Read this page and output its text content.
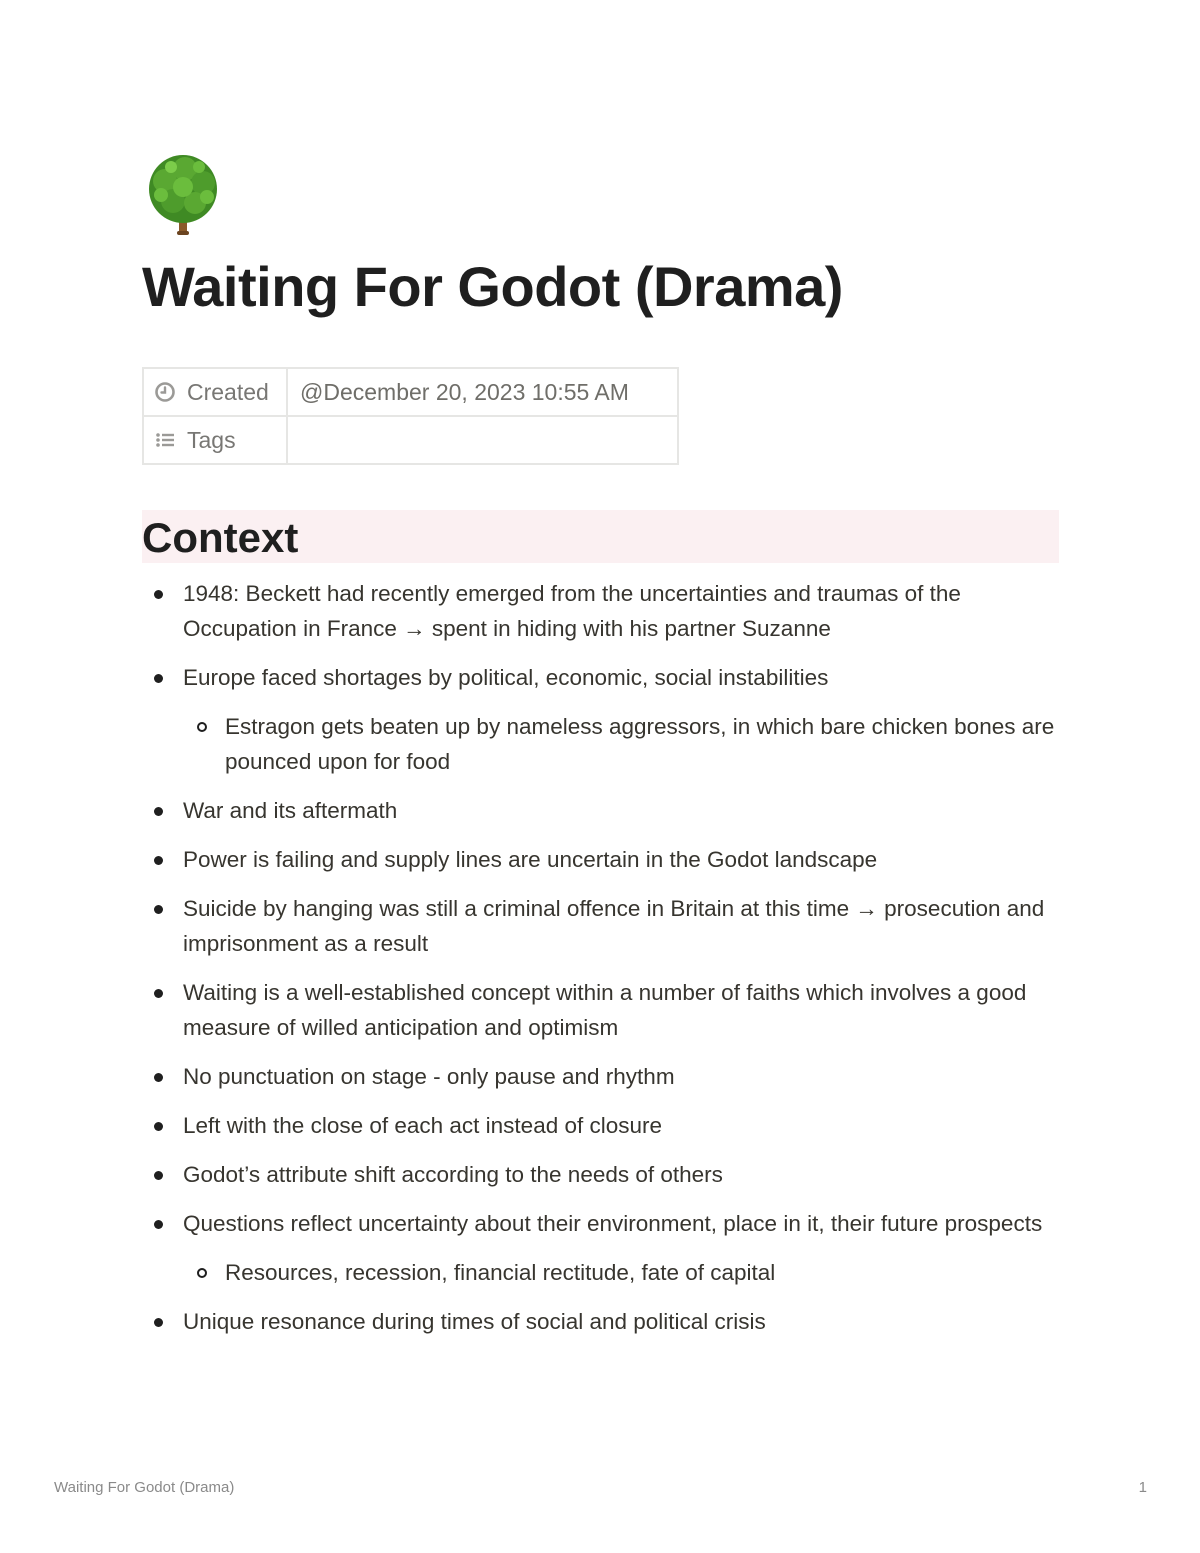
Waiting For Godot (Drama)
Created	@December 20, 2023 10:55 AM

Tags	

Context
1948: Beckett had recently emerged from the uncertainties and traumas of the Occupation in France → spent in hiding with his partner Suzanne
Europe faced shortages by political, economic, social instabilities
Estragon gets beaten up by nameless aggressors, in which bare chicken bones are pounced upon for food
War and its aftermath
Power is failing and supply lines are uncertain in the Godot landscape
Suicide by hanging was still a criminal offence in Britain at this time → prosecution and imprisonment as a result
Waiting is a well-established concept within a number of faiths which involves a good measure of willed anticipation and optimism
No punctuation on stage - only pause and rhythm
Left with the close of each act instead of closure
Godot’s attribute shift according to the needs of others
Questions reflect uncertainty about their environment, place in it, their future prospects
Resources, recession, financial rectitude, fate of capital
Unique resonance during times of social and political crisis
Waiting For Godot (Drama)	1
